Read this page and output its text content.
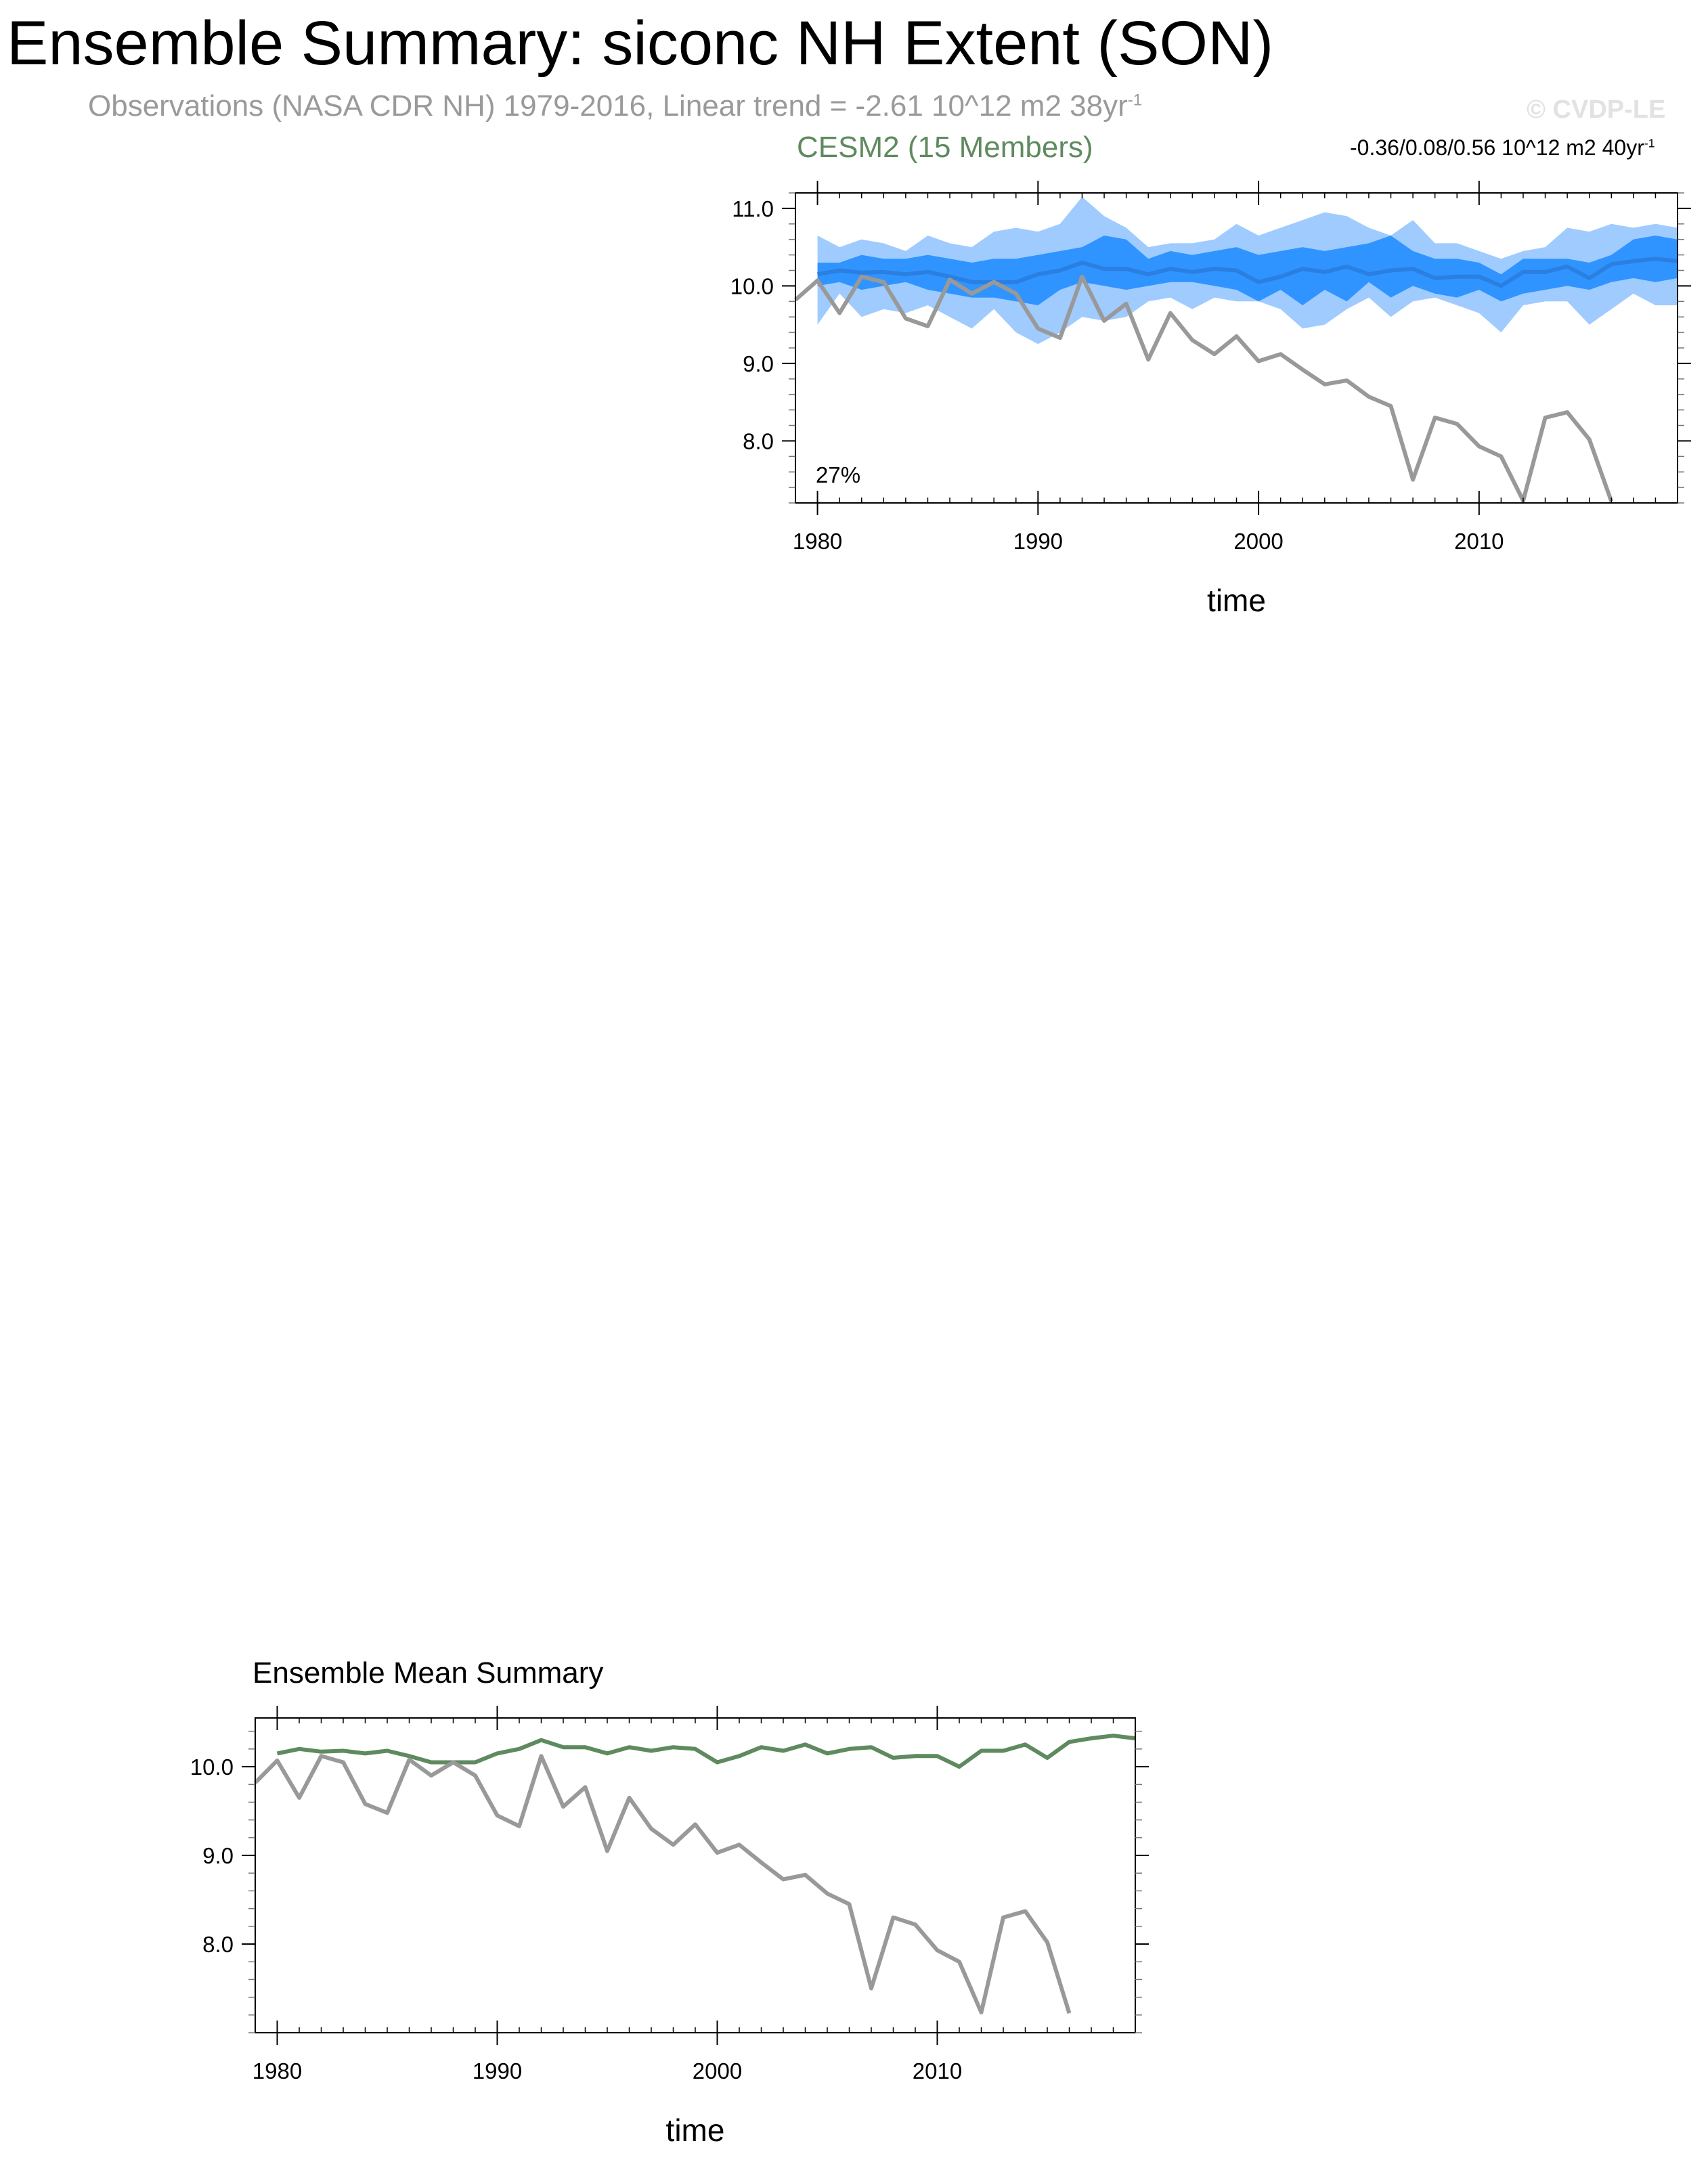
Ensemble Summary: siconc NH Extent (SON)
Observations (NASA CDR NH) 1979-2016, Linear trend = -2.61 10^12 m2 $38yr^{-1}$	© CVDP-LE
CESM2 (15 Members)	-0.36/0.08/0.56 10^12 m2 $40yr^{-1}$
Ensemble Mean Summary
1980	1990	2000	2010
8.0
9.0
10.0
11.0
time
27%
1980	1990	2000	2010
8.0
9.0
10.0
time
